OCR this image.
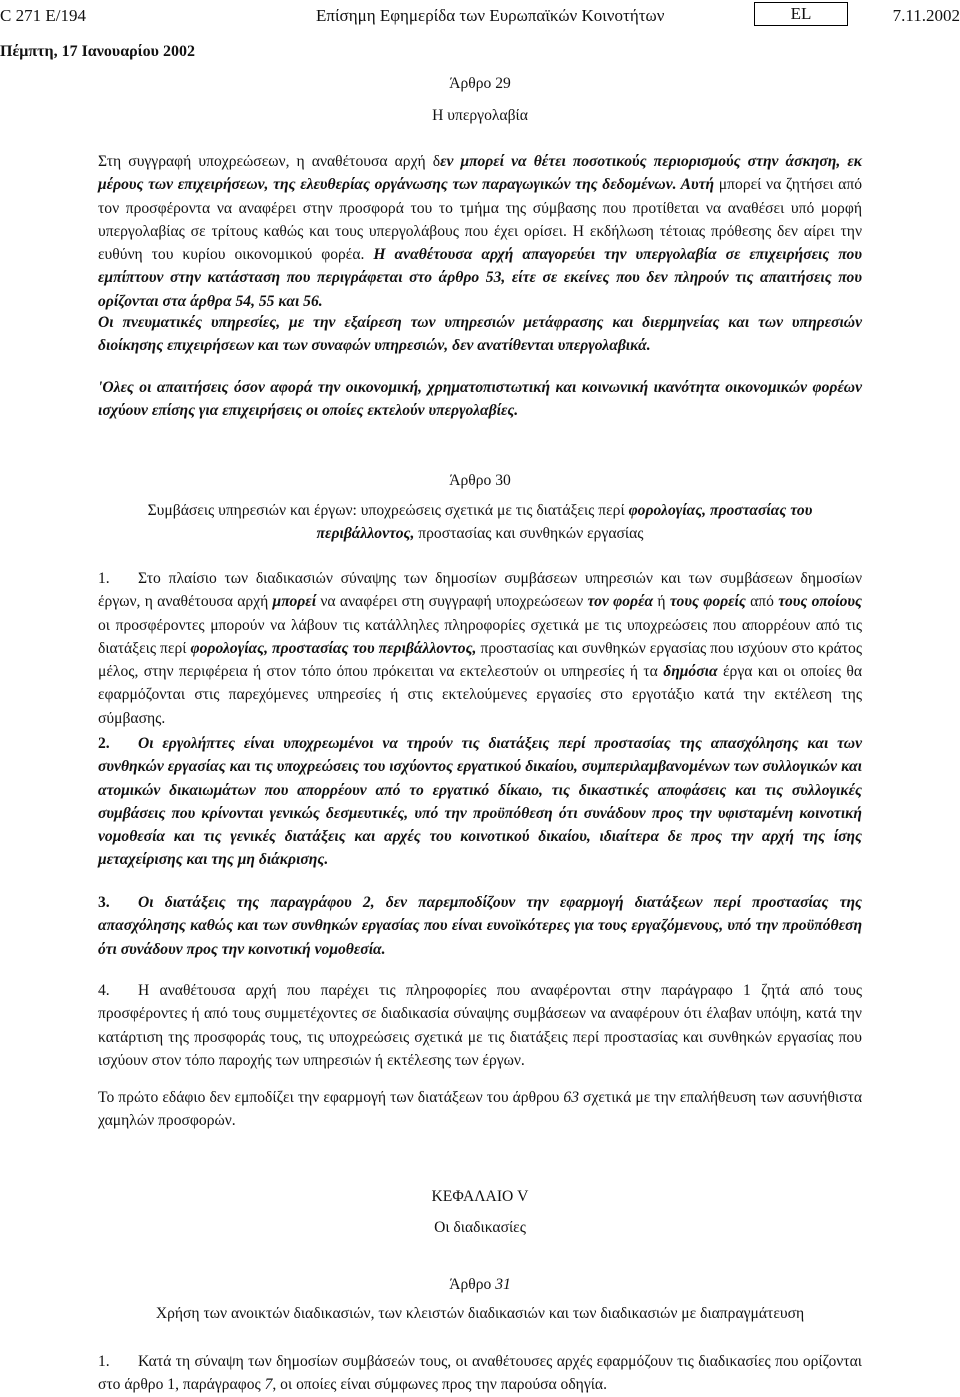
C 271 E/194	Επίσημη Εφημερίδα των Ευρωπαϊκών Κοινοτήτων	EL	7.11.2002
Πέμπτη, 17 Ιανουαρίου 2002
Άρθρο 29
Η υπεργολαβία
Στη συγγραφή υποχρεώσεων, η αναθέτουσα αρχή δεν μπορεί να θέτει ποσοτικούς περιορισμούς στην άσκηση, εκ μέρους των επιχειρήσεων, της ελευθερίας οργάνωσης των παραγωγικών της δεδομένων. Αυτή μπορεί να ζητήσει από τον προσφέροντα να αναφέρει στην προσφορά του το τμήμα της σύμβασης που προτίθεται να αναθέσει υπό μορφή υπεργολαβίας σε τρίτους καθώς και τους υπεργολάβους που έχει ορίσει. Η εκδήλωση τέτοιας πρόθεσης δεν αίρει την ευθύνη του κυρίου οικονομικού φορέα. Η αναθέτουσα αρχή απαγορεύει την υπεργολαβία σε επιχειρήσεις που εμπίπτουν στην κατάσταση που περιγράφεται στο άρθρο 53, είτε σε εκείνες που δεν πληρούν τις απαιτήσεις που ορίζονται στα άρθρα 54, 55 και 56.
Οι πνευματικές υπηρεσίες, με την εξαίρεση των υπηρεσιών μετάφρασης και διερμηνείας και των υπηρεσιών διοίκησης επιχειρήσεων και των συναφών υπηρεσιών, δεν ανατίθενται υπεργολαβικά.
'Ολες οι απαιτήσεις όσον αφορά την οικονομική, χρηματοπιστωτική και κοινωνική ικανότητα οικονομικών φορέων ισχύουν επίσης για επιχειρήσεις οι οποίες εκτελούν υπεργολαβίες.
Άρθρο 30
Συμβάσεις υπηρεσιών και έργων: υποχρεώσεις σχετικά με τις διατάξεις περί φορολογίας, προστασίας του περιβάλλοντος, προστασίας και συνθηκών εργασίας
1. Στο πλαίσιο των διαδικασιών σύναψης των δημοσίων συμβάσεων υπηρεσιών και των συμβάσεων δημοσίων έργων, η αναθέτουσα αρχή μπορεί να αναφέρει στη συγγραφή υποχρεώσεων τον φορέα ή τους φορείς από τους οποίους οι προσφέροντες μπορούν να λάβουν τις κατάλληλες πληροφορίες σχετικά με τις υποχρεώσεις που απορρέουν από τις διατάξεις περί φορολογίας, προστασίας του περιβάλλοντος, προστασίας και συνθηκών εργασίας που ισχύουν στο κράτος μέλος, στην περιφέρεια ή στον τόπο όπου πρόκειται να εκτελεστούν οι υπηρεσίες ή τα δημόσια έργα και οι οποίες θα εφαρμόζονται στις παρεχόμενες υπηρεσίες ή στις εκτελούμενες εργασίες στο εργοτάξιο κατά την εκτέλεση της σύμβασης.
2. Οι εργολήπτες είναι υποχρεωμένοι να τηρούν τις διατάξεις περί προστασίας της απασχόλησης και των συνθηκών εργασίας και τις υποχρεώσεις του ισχύοντος εργατικού δικαίου, συμπεριλαμβανομένων των συλλογικών και ατομικών δικαιωμάτων που απορρέουν από το εργατικό δίκαιο, τις δικαστικές αποφάσεις και τις συλλογικές συμβάσεις που κρίνονται γενικώς δεσμευτικές, υπό την προϋπόθεση ότι συνάδουν προς την υφισταμένη κοινοτική νομοθεσία και τις γενικές διατάξεις και αρχές του κοινοτικού δικαίου, ιδιαίτερα δε προς την αρχή της ίσης μεταχείρισης και της μη διάκρισης.
3. Οι διατάξεις της παραγράφου 2, δεν παρεμποδίζουν την εφαρμογή διατάξεων περί προστασίας της απασχόλησης καθώς και των συνθηκών εργασίας που είναι ευνοϊκότερες για τους εργαζόμενους, υπό την προϋπόθεση ότι συνάδουν προς την κοινοτική νομοθεσία.
4. Η αναθέτουσα αρχή που παρέχει τις πληροφορίες που αναφέρονται στην παράγραφο 1 ζητά από τους προσφέροντες ή από τους συμμετέχοντες σε διαδικασία σύναψης συμβάσεων να αναφέρουν ότι έλαβαν υπόψη, κατά την κατάρτιση της προσφοράς τους, τις υποχρεώσεις σχετικά με τις διατάξεις περί προστασίας και συνθηκών εργασίας που ισχύουν στον τόπο παροχής των υπηρεσιών ή εκτέλεσης των έργων.
Το πρώτο εδάφιο δεν εμποδίζει την εφαρμογή των διατάξεων του άρθρου 63 σχετικά με την επαλήθευση των ασυνήθιστα χαμηλών προσφορών.
ΚΕΦΑΛΑΙΟ V
Οι διαδικασίες
Άρθρο 31
Χρήση των ανοικτών διαδικασιών, των κλειστών διαδικασιών και των διαδικασιών με διαπραγμάτευση
1. Κατά τη σύναψη των δημοσίων συμβάσεών τους, οι αναθέτουσες αρχές εφαρμόζουν τις διαδικασίες που ορίζονται στο άρθρο 1, παράγραφος 7, οι οποίες είναι σύμφωνες προς την παρούσα οδηγία.
